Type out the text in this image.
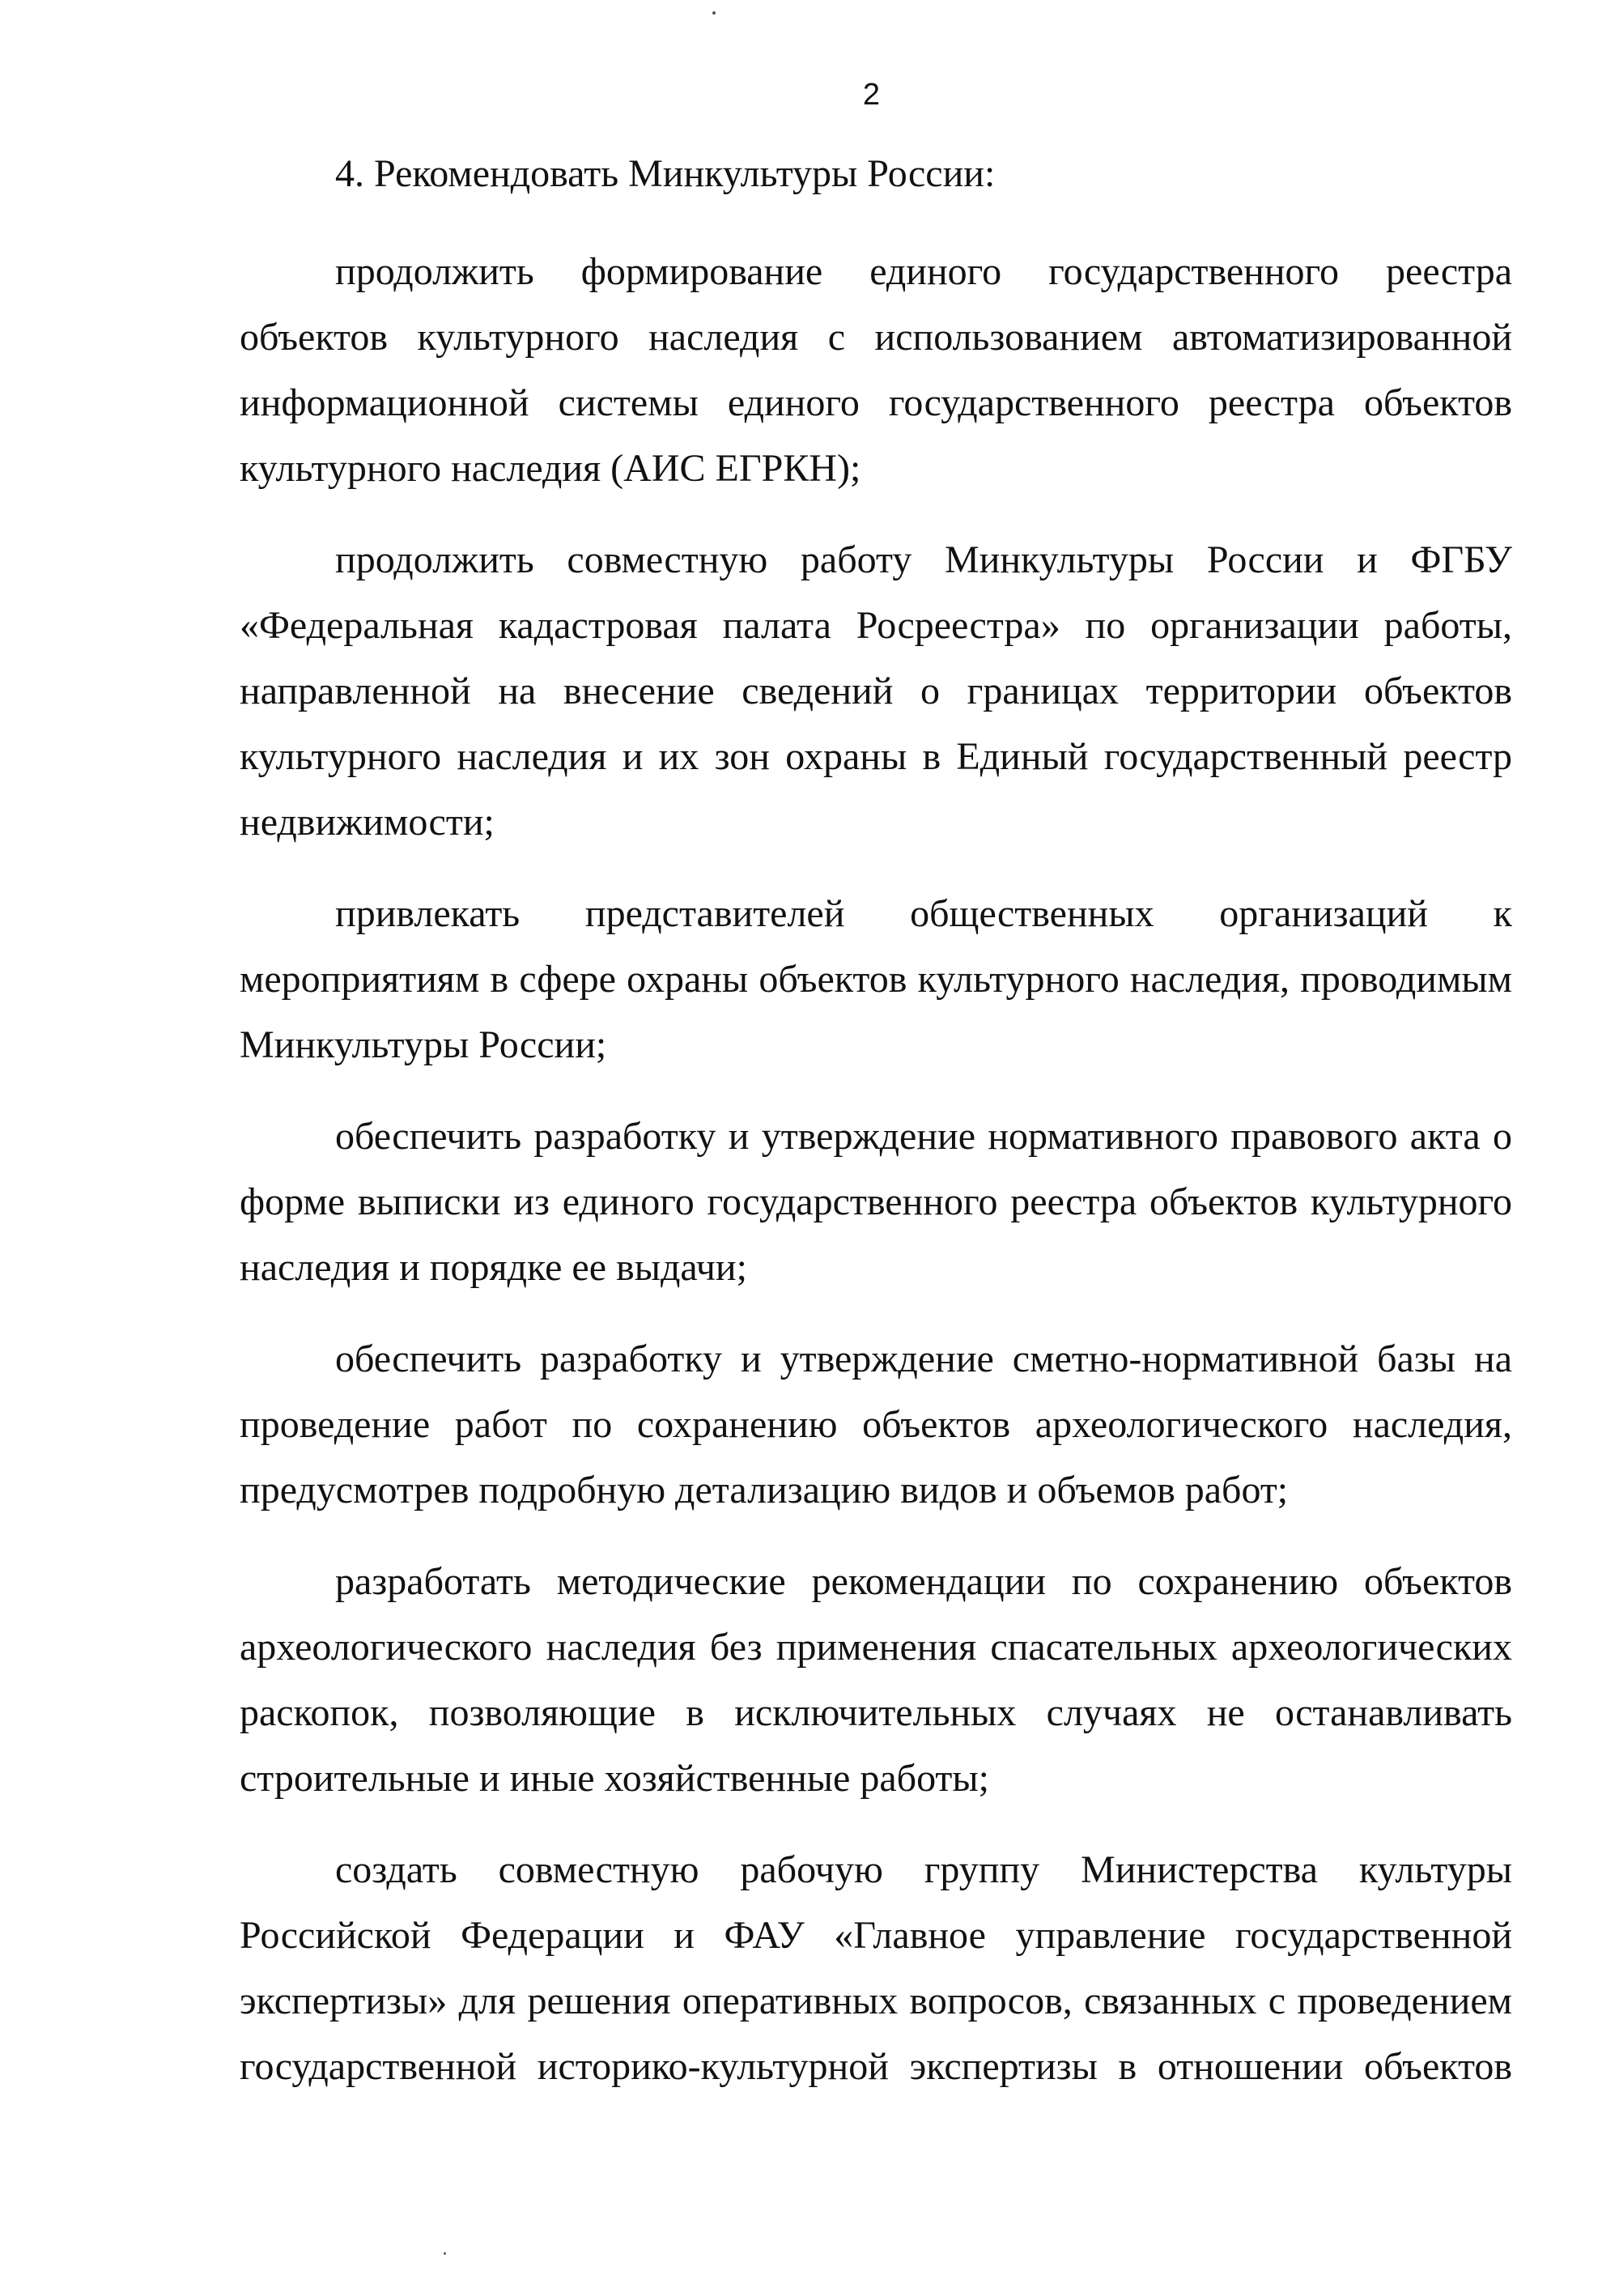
2
4. Рекомендовать Минкультуры России:

продолжить формирование единого государственного реестра объектов культурного наследия с использованием автоматизированной информационной системы единого государственного реестра объектов культурного наследия (АИС ЕГРКН);

продолжить совместную работу Минкультуры России и ФГБУ «Федеральная кадастровая палата Росреестра» по организации работы, направленной на внесение сведений о границах территории объектов культурного наследия и их зон охраны в Единый государственный реестр недвижимости;

привлекать представителей общественных организаций к мероприятиям в сфере охраны объектов культурного наследия, проводимым Минкультуры России;

обеспечить разработку и утверждение нормативного правового акта о форме выписки из единого государственного реестра объектов культурного наследия и порядке ее выдачи;

обеспечить разработку и утверждение сметно-нормативной базы на проведение работ по сохранению объектов археологического наследия, предусмотрев подробную детализацию видов и объемов работ;

разработать методические рекомендации по сохранению объектов археологического наследия без применения спасательных археологических раскопок, позволяющие в исключительных случаях не останавливать строительные и иные хозяйственные работы;

создать совместную рабочую группу Министерства культуры Российской Федерации и ФАУ «Главное управление государственной экспертизы» для решения оперативных вопросов, связанных с проведением государственной историко-культурной экспертизы в отношении объектов
